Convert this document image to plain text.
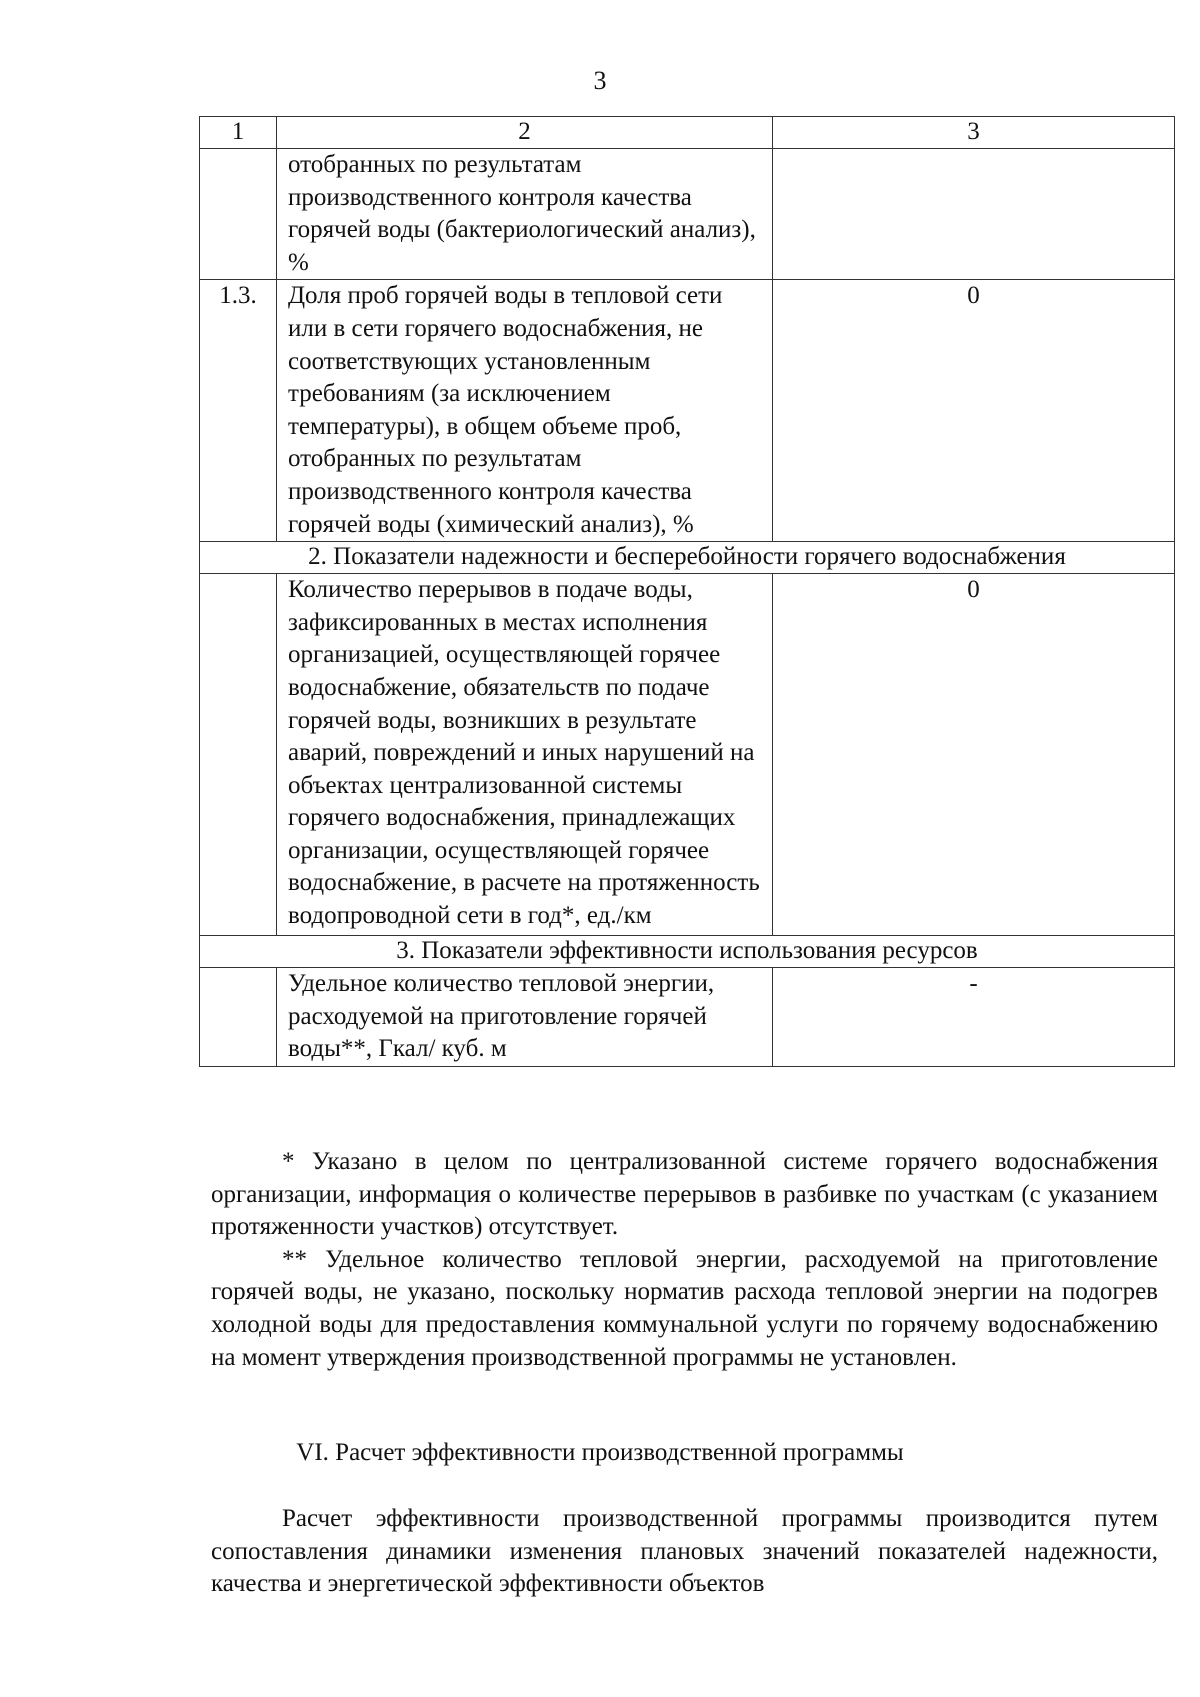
3
1	2	3
	отобранных по результатам производственного контроля качества горячей воды (бактериологический анализ), %	
1.3.	Доля проб горячей воды в тепловой сети или в сети горячего водоснабжения, не соответствующих установленным требованиям (за исключением температуры), в общем объеме проб, отобранных по результатам производственного контроля качества горячей воды (химический анализ), %	0
2. Показатели надежности и бесперебойности горячего водоснабжения		
	Количество перерывов в подаче воды, зафиксированных в местах исполнения организацией, осуществляющей горячее водоснабжение, обязательств по подаче горячей воды, возникших в результате аварий, повреждений и иных нарушений на объектах централизованной системы горячего водоснабжения, принадлежащих организации, осуществляющей горячее водоснабжение, в расчете на протяженность водопроводной сети в год*, ед./км	0
3. Показатели эффективности использования ресурсов		
	Удельное количество тепловой энергии, расходуемой на приготовление горячей воды**, Гкал/ куб. м	-

* Указано в целом по централизованной системе горячего водоснабжения организации, информация о количестве перерывов в разбивке по участкам (с указанием протяженности участков) отсутствует.

** Удельное количество тепловой энергии, расходуемой на приготовление горячей воды, не указано, поскольку норматив расхода тепловой энергии на подогрев холодной воды для предоставления коммунальной услуги по горячему водоснабжению на момент утверждения производственной программы не установлен.

VI. Расчет эффективности производственной программы

Расчет эффективности производственной программы производится путем сопоставления динамики изменения плановых значений показателей надежности, качества и энергетической эффективности объектов
